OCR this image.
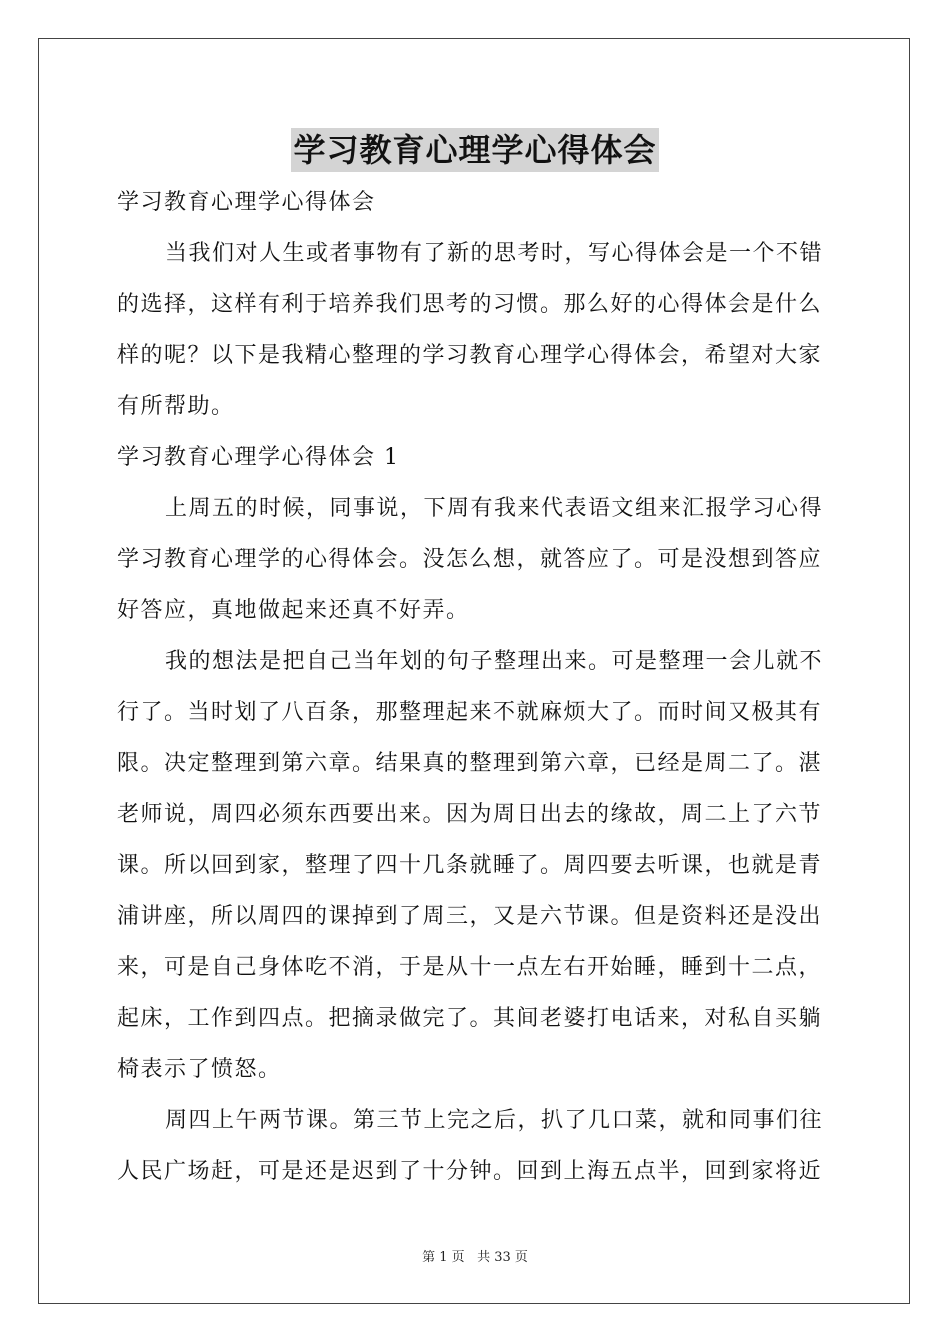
学习教育心理学心得体会

学习教育心理学心得体会

当我们对人生或者事物有了新的思考时，写心得体会是一个不错

的选择，这样有利于培养我们思考的习惯。那么好的心得体会是什么

样的呢？以下是我精心整理的学习教育心理学心得体会，希望对大家

有所帮助。

学习教育心理学心得体会 1

上周五的时候，同事说，下周有我来代表语文组来汇报学习心得

学习教育心理学的心得体会。没怎么想，就答应了。可是没想到答应

好答应，真地做起来还真不好弄。

我的想法是把自己当年划的句子整理出来。可是整理一会儿就不

行了。当时划了八百条，那整理起来不就麻烦大了。而时间又极其有

限。决定整理到第六章。结果真的整理到第六章，已经是周二了。湛

老师说，周四必须东西要出来。因为周日出去的缘故，周二上了六节

课。所以回到家，整理了四十几条就睡了。周四要去听课，也就是青

浦讲座，所以周四的课掉到了周三，又是六节课。但是资料还是没出

来，可是自己身体吃不消，于是从十一点左右开始睡，睡到十二点，

起床，工作到四点。把摘录做完了。其间老婆打电话来，对私自买躺

椅表示了愤怒。

周四上午两节课。第三节上完之后，扒了几口菜，就和同事们往

人民广场赶，可是还是迟到了十分钟。回到上海五点半，回到家将近

第 1 页 共 33 页
